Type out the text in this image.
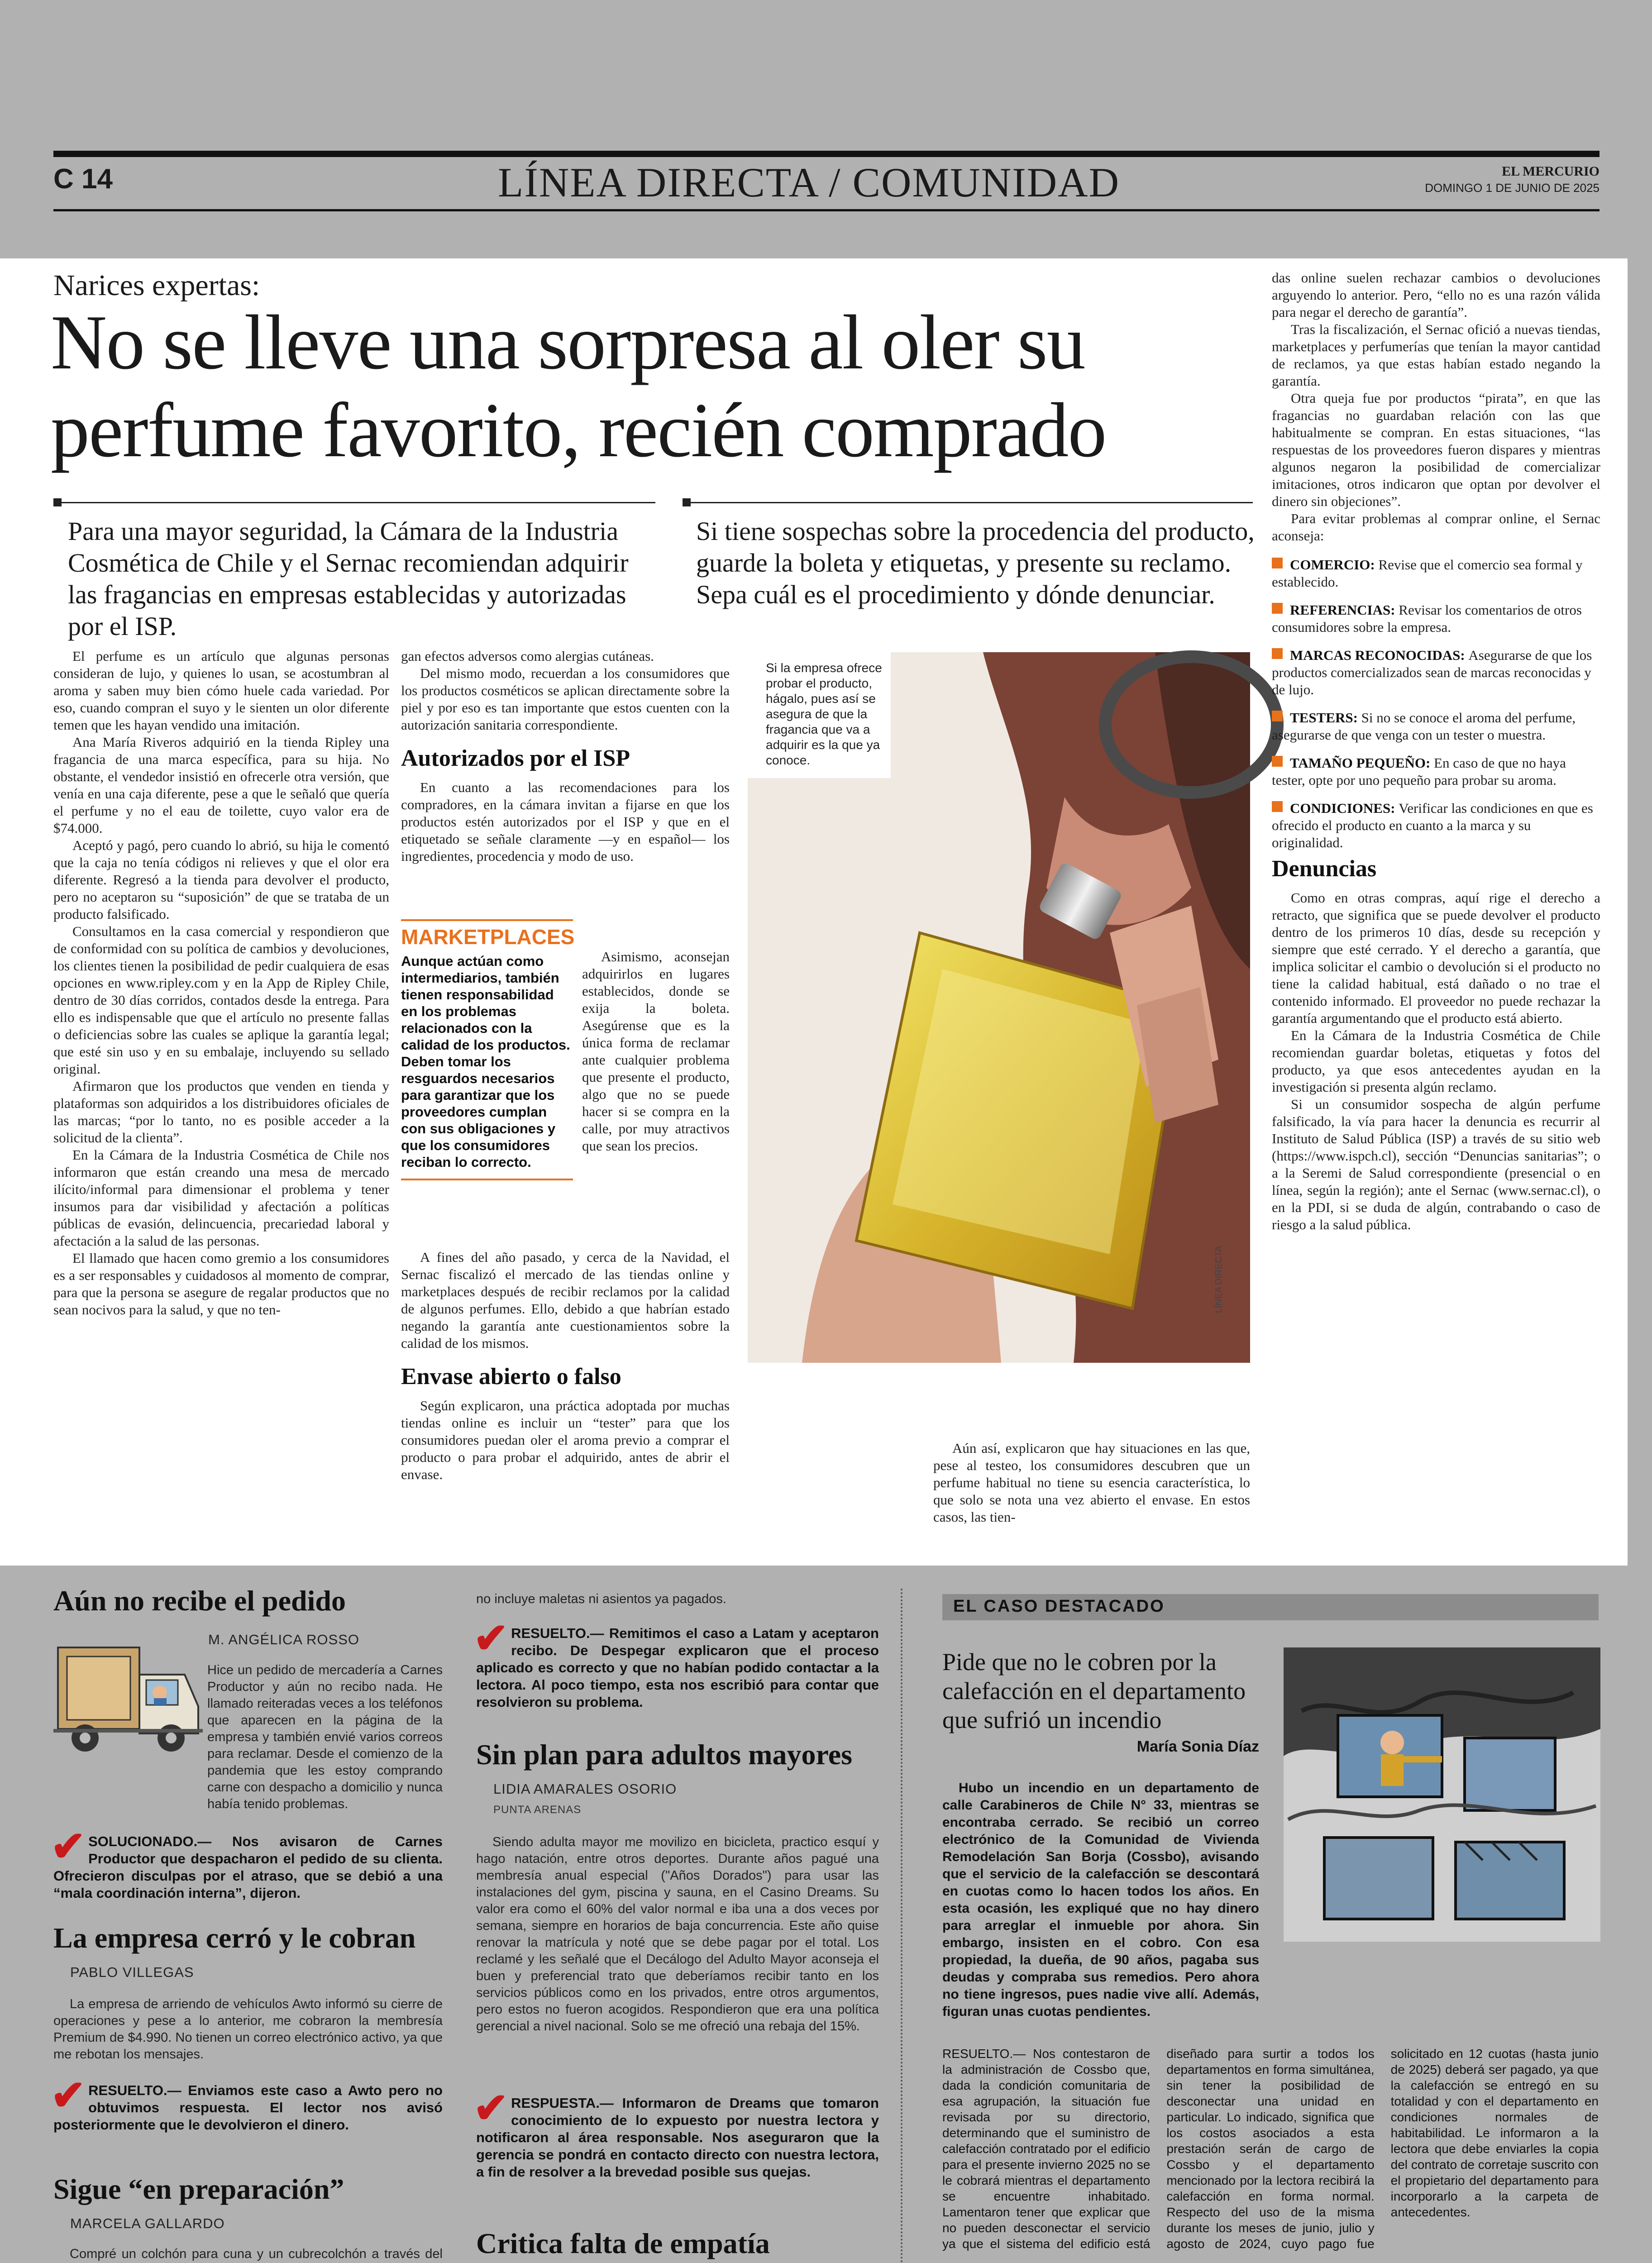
C 14	LÍNEA DIRECTA / COMUNIDAD	EL MERCURIO
DOMINGO 1 DE JUNIO DE 2025
Narices expertas:
No se lleve una sorpresa al oler su
perfume favorito, recién comprado
Para una mayor seguridad, la Cámara de la Industria Cosmética de Chile y el Sernac recomiendan adquirir las fragancias en empresas establecidas y autorizadas por el ISP.
Si tiene sospechas sobre la procedencia del producto, guarde la boleta y etiquetas, y presente su reclamo. Sepa cuál es el procedimiento y dónde denunciar.

El perfume es un artículo que algunas personas consideran de lujo, y quienes lo usan, se acostumbran al aroma y saben muy bien cómo huele cada variedad. Por eso, cuando compran el suyo y le sienten un olor diferente temen que les hayan vendido una imitación.

Ana María Riveros adquirió en la tienda Ripley una fragancia de una marca específica, para su hija. No obstante, el vendedor insistió en ofrecerle otra versión, que venía en una caja diferente, pese a que le señaló que quería el perfume y no el eau de toilette, cuyo valor era de $74.000.

Aceptó y pagó, pero cuando lo abrió, su hija le comentó que la caja no tenía códigos ni relieves y que el olor era diferente. Regresó a la tienda para devolver el producto, pero no aceptaron su “suposición” de que se trataba de un producto falsificado.

Consultamos en la casa comercial y respondieron que de conformidad con su política de cambios y devoluciones, los clientes tienen la posibilidad de pedir cualquiera de esas opciones en www.ripley.com y en la App de Ripley Chile, dentro de 30 días corridos, contados desde la entrega. Para ello es indispensable que que el artículo no presente fallas o deficiencias sobre las cuales se aplique la garantía legal; que esté sin uso y en su embalaje, incluyendo su sellado original.

Afirmaron que los productos que venden en tienda y plataformas son adquiridos a los distribuidores oficiales de las marcas; “por lo tanto, no es posible acceder a la solicitud de la clienta”.

En la Cámara de la Industria Cosmética de Chile nos informaron que están creando una mesa de mercado ilícito/informal para dimensionar el problema y tener insumos para dar visibilidad y afectación a políticas públicas de evasión, delincuencia, precariedad laboral y afectación a la salud de las personas.

El llamado que hacen como gremio a los consumidores es a ser responsables y cuidadosos al momento de comprar, para que la persona se asegure de regalar productos que no sean nocivos para la salud, y que no ten-

gan efectos adversos como alergias cutáneas.

Del mismo modo, recuerdan a los consumidores que los productos cosméticos se aplican directamente sobre la piel y por eso es tan importante que estos cuenten con la autorización sanitaria correspondiente.

Autorizados por el ISP

En cuanto a las recomendaciones para los compradores, en la cámara invitan a fijarse en que los productos estén autorizados por el ISP y que en el etiquetado se señale claramente —y en español— los ingredientes, procedencia y modo de uso.

MARKETPLACES
Aunque actúan como intermediarios, también tienen responsabilidad en los problemas relacionados con la calidad de los productos. Deben tomar los resguardos necesarios para garantizar que los proveedores cumplan con sus obligaciones y que los consumidores reciban lo correcto.

Asimismo, aconsejan adquirirlos en lugares establecidos, donde se exija la boleta. Asegúrense que es la única forma de reclamar ante cualquier problema que presente el producto, algo que no se puede hacer si se compra en la calle, por muy atractivos que sean los precios.

A fines del año pasado, y cerca de la Navidad, el Sernac fiscalizó el mercado de las tiendas online y marketplaces después de recibir reclamos por la calidad de algunos perfumes. Ello, debido a que habrían estado negando la garantía ante cuestionamientos sobre la calidad de los mismos.

Envase abierto o falso

Según explicaron, una práctica adoptada por muchas tiendas online es incluir un “tester” para que los consumidores puedan oler el aroma previo a comprar el producto o para probar el adquirido, antes de abrir el envase.

Si la empresa ofrece probar el producto, hágalo, pues así se asegura de que la fragancia que va a adquirir es la que ya conoce.
LÍNEA DIRECTA

Aún así, explicaron que hay situaciones en las que, pese al testeo, los consumidores descubren que un perfume habitual no tiene su esencia característica, lo que solo se nota una vez abierto el envase. En estos casos, las tien-

das online suelen rechazar cambios o devoluciones arguyendo lo anterior. Pero, “ello no es una razón válida para negar el derecho de garantía”.

Tras la fiscalización, el Sernac ofició a nuevas tiendas, marketplaces y perfumerías que tenían la mayor cantidad de reclamos, ya que estas habían estado negando la garantía.

Otra queja fue por productos “pirata”, en que las fragancias no guardaban relación con las que habitualmente se compran. En estas situaciones, “las respuestas de los proveedores fueron dispares y mientras algunos negaron la posibilidad de comercializar imitaciones, otros indicaron que optan por devolver el dinero sin objeciones”.

Para evitar problemas al comprar online, el Sernac aconseja:

COMERCIO: Revise que el comercio sea formal y establecido.

REFERENCIAS: Revisar los comentarios de otros consumidores sobre la empresa.

MARCAS RECONOCIDAS: Asegurarse de que los productos comercializados sean de marcas reconocidas y de lujo.

TESTERS: Si no se conoce el aroma del perfume, asegurarse de que venga con un tester o muestra.

TAMAÑO PEQUEÑO: En caso de que no haya tester, opte por uno pequeño para probar su aroma.

CONDICIONES: Verificar las condiciones en que es ofrecido el producto en cuanto a la marca y su originalidad.

Denuncias

Como en otras compras, aquí rige el derecho a retracto, que significa que se puede devolver el producto dentro de los primeros 10 días, desde su recepción y siempre que esté cerrado. Y el derecho a garantía, que implica solicitar el cambio o devolución si el producto no tiene la calidad habitual, está dañado o no trae el contenido informado. El proveedor no puede rechazar la garantía argumentando que el producto está abierto.

En la Cámara de la Industria Cosmética de Chile recomiendan guardar boletas, etiquetas y fotos del producto, ya que esos antecedentes ayudan en la investigación si presenta algún reclamo.

Si un consumidor sospecha de algún perfume falsificado, la vía para hacer la denuncia es recurrir al Instituto de Salud Pública (ISP) a través de su sitio web (https://www.ispch.cl), sección “Denuncias sanitarias”; o a la Seremi de Salud correspondiente (presencial o en línea, según la región); ante el Sernac (www.sernac.cl), o en la PDI, si se duda de algún, contrabando o caso de riesgo a la salud pública.

Aún no recibe el pedido
M. ANGÉLICA ROSSO

Hice un pedido de mercadería a Carnes Productor y aún no recibo nada. He llamado reiteradas veces a los teléfonos que aparecen en la página de la empresa y también envié varios correos para reclamar. Desde el comienzo de la pandemia que les estoy comprando carne con despacho a domicilio y nunca había tenido problemas.

✔ SOLUCIONADO.— Nos avisaron de Carnes Productor que despacharon el pedido de su clienta. Ofrecieron disculpas por el atraso, que se debió a una “mala coordinación interna”, dijeron.
La empresa cerró y le cobran
PABLO VILLEGAS

La empresa de arriendo de vehículos Awto informó su cierre de operaciones y pese a lo anterior, me cobraron la membresía Premium de $4.990. No tienen un correo electrónico activo, ya que me rebotan los mensajes.

✔ RESUELTO.— Enviamos este caso a Awto pero no obtuvimos respuesta. El lector nos avisó posteriormente que le devolvieron el dinero.
Sigue “en preparación”
MARCELA GALLARDO

Compré un colchón para cuna y un cubrecolchón a través del

no incluye maletas ni asientos ya pagados.

✔ RESUELTO.— Remitimos el caso a Latam y aceptaron recibo. De Despegar explicaron que el proceso aplicado es correcto y que no habían podido contactar a la lectora. Al poco tiempo, esta nos escribió para contar que resolvieron su problema.
Sin plan para adultos mayores
LIDIA AMARALES OSORIO
PUNTA ARENAS

Siendo adulta mayor me movilizo en bicicleta, practico esquí y hago natación, entre otros deportes. Durante años pagué una membresía anual especial ("Años Dorados") para usar las instalaciones del gym, piscina y sauna, en el Casino Dreams. Su valor era como el 60% del valor normal e iba una a dos veces por semana, siempre en horarios de baja concurrencia. Este año quise renovar la matrícula y noté que se debe pagar por el total. Los reclamé y les señalé que el Decálogo del Adulto Mayor aconseja el buen y preferencial trato que deberíamos recibir tanto en los servicios públicos como en los privados, entre otros argumentos, pero estos no fueron acogidos. Respondieron que era una política gerencial a nivel nacional. Solo se me ofreció una rebaja del 15%.

✔ RESPUESTA.— Informaron de Dreams que tomaron conocimiento de lo expuesto por nuestra lectora y notificaron al área responsable. Nos aseguraron que la gerencia se pondrá en contacto directo con nuestra lectora, a fin de resolver a la brevedad posible sus quejas.
Critica falta de empatía

EL CASO DESTACADO
Pide que no le cobren por la calefacción en el departamento que sufrió un incendio
María Sonia Díaz

Hubo un incendio en un departamento de calle Carabineros de Chile N° 33, mientras se encontraba cerrado. Se recibió un correo electrónico de la Comunidad de Vivienda Remodelación San Borja (Cossbo), avisando que el servicio de la calefacción se descontará en cuotas como lo hacen todos los años. En esta ocasión, les expliqué que no hay dinero para arreglar el inmueble por ahora. Sin embargo, insisten en el cobro. Con esa propiedad, la dueña, de 90 años, pagaba sus deudas y compraba sus remedios. Pero ahora no tiene ingresos, pues nadie vive allí. Además, figuran unas cuotas pendientes.

RESUELTO.— Nos contestaron de la administración de Cossbo que, dada la condición comunitaria de esa agrupación, la situación fue revisada por su directorio, determinando que el suministro de calefacción contratado por el edificio para el presente invierno 2025 no se le cobrará mientras el departamento se encuentre inhabitado. Lamentaron tener que explicar que no pueden desconectar el servicio ya que el sistema del edificio está diseñado para surtir a todos los departamentos en forma simultánea, sin tener la posibilidad de desconectar una unidad en particular. Lo indicado, significa que los costos asociados a esta prestación serán de cargo de Cossbo y el departamento mencionado por la lectora recibirá la calefacción en forma normal. Respecto del uso de la misma durante los meses de junio, julio y agosto de 2024, cuyo pago fue solicitado en 12 cuotas (hasta junio de 2025) deberá ser pagado, ya que la calefacción se entregó en su totalidad y con el departamento en condiciones normales de habitabilidad. Le informaron a la lectora que debe enviarles la copia del contrato de corretaje suscrito con el propietario del departamento para incorporarlo a la carpeta de antecedentes.
